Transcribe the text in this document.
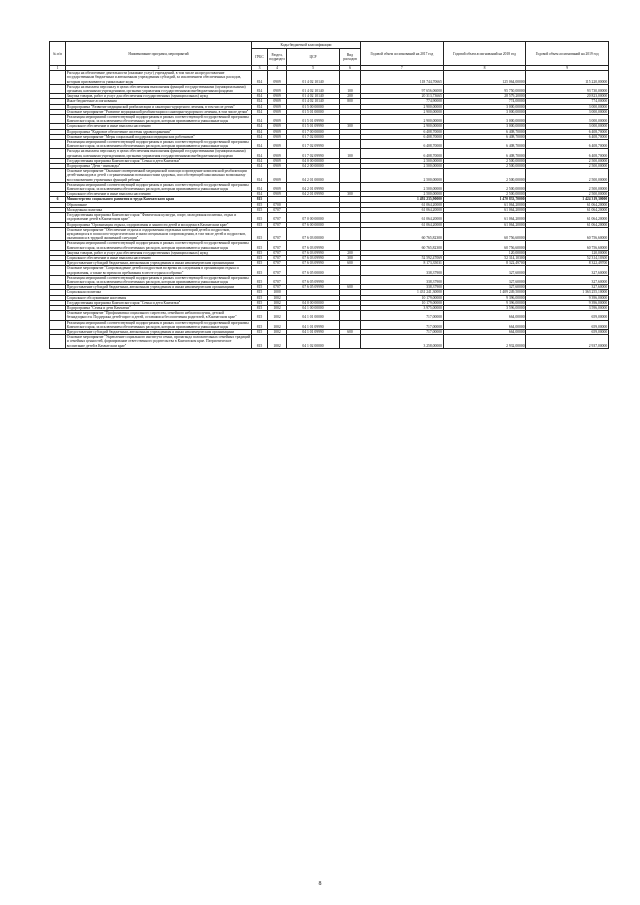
№ п/п	Наименование программ, мероприятий	Коды бюджетной классификации				Годовой объем ассигнований на 2017 год	Годовой объем ассигнований на 2018 год	Годовой объем ассигнований на 2019 год
		ГРБС	Раздел, подраздел	ЦСР	Вид расходов			
1	2	3	4	5	6	7	8	9
	Расходы на обеспечение деятельности (оказание услуг) учреждений, в том числе на предоставление государственным бюджетным и автономным учреждениям субсидий, за исключением обеспеченных расходов, которым присваиваются уникальные коды	814	0909	01 4 02 10140		118 744,70665	125 064,00000	115 220,00000
	Расходы на выплаты персоналу в целях обеспечения выполнения функций государственными (муниципальными) органами, казенными учреждениями, органами управления государственными внебюджетными фондами	814	0909	01 4 02 10140	100	97 656,06000	95 750,00000	93 730,00000
	Закупка товаров, работ и услуг для обеспечения государственных (муниципальных) нужд	814	0909	01 4 02 10140	200	20 313,73665	28 579,20000	20 823,00000
	Иные бюджетные ассигнования	814	0909	01 4 02 10140	800	774,90000	774,00000	774,00000
	Подпрограмма "Развитие медицинской реабилитации и санаторно-курортного лечения, в том числе детям"	814	0909	01 5 00 00000		2 900,00000	3 000,00000	3 000,00000
	Основное мероприятие "Развитие медицинской реабилитации и санаторно-курортного лечения, в том числе детям"	814	0909	01 5 01 00000		2 900,00000	3 000,00000	3 000,00000
	Реализация мероприятий соответствующей подпрограммы в рамках соответствующей государственной программы Камчатского края, за исключением обеспеченных расходов, которым присваиваются уникальные коды	814	0909	01 5 01 09990		2 900,00000	3 000,00000	3 000,00000
	Социальное обеспечение и иные выплаты населению	814	0909	01 5 01 09990	300	2 900,00000	3 000,00000	3 000,00000
	Подпрограмма "Кадровое обеспечение системы здравоохранения"	814	0909	01 7 00 00000		6 408,70000	6 408,70000	6 408,70000
	Основное мероприятие "Меры социальной поддержки медицинских работников"	814	0909	01 7 02 00000		6 408,70000	6 408,70000	6 408,70000
	Реализация мероприятий соответствующей подпрограммы в рамках соответствующей государственной программы Камчатского края, за исключением обеспеченных расходов, которым присваиваются уникальные коды	814	0909	01 7 02 09990		6 408,70000	6 408,70000	6 408,70000
	Расходы на выплаты персоналу в целях обеспечения выполнения функций государственными (муниципальными) органами, казенными учреждениями, органами управления государственными внебюджетными фондами	814	0909	01 7 02 09990	100	6 408,70000	6 408,70000	6 408,70000
	Государственная программа Камчатского края "Семья и дети Камчатки"	814	0909	04 0 00 00000		2 500,00000	2 500,00000	2 500,00000
	Подпрограмма "Дети - инвалиды"	814	0909	04 2 00 00000		2 500,00000	2 500,00000	2 500,00000
	Основное мероприятие "Оказание своевременной медицинской помощи и проведение комплексной реабилитации детей-инвалидов и детей с ограниченными возможностями здоровья, способствующей максимально возможному восстановлению утраченных функций ребенка"	814	0909	04 2 01 00000		2 500,00000	2 500,00000	2 500,00000
	Реализация мероприятий соответствующей подпрограммы в рамках соответствующей государственной программы Камчатского края, за исключением обеспеченных расходов, которым присваиваются уникальные коды	814	0909	04 2 01 09990		2 500,00000	2 500,00000	2 500,00000
	Социальное обеспечение и иные выплаты населению	814	0909	04 2 01 09990	300	2 500,00000	2 500,00000	2 500,00000
6	Министерство социального развития и труда Камчатского края	815				1 492 235,90000	1 470 833,70000	1 424 319,30000
	Образование	815	0700			61 064,20000	61 064,20000	61 064,20000
	Молодежная политика	815	0707			61 064,20000	61 064,20000	61 064,20000
	Государственная программа Камчатского края "Физическая культура, спорт, молодежная политика, отдых и оздоровление детей в Камчатском крае"	815	0707	07 0 00 00000		61 064,20000	61 064,20000	61 064,20000
	Подпрограмма "Организация отдыха, оздоровления и занятости детей и молодежи в Камчатском крае"	815	0707	07 6 00 00000		61 064,20000	61 064,20000	61 064,20000
	Основное мероприятие "Обеспечение отдыха и оздоровления отдельных категорий детей и подростков, нуждающихся в психолого-педагогическом и ином специальном сопровождении, в том числе детей и подростков, оказавшихся в трудной жизненной ситуации"	815	0707	07 6 03 00000		60 765,82300	60 756,60000	60 756,60000
	Реализация мероприятий соответствующей подпрограммы в рамках соответствующей государственной программы Камчатского края, за исключением обеспеченных расходов, которым присваиваются уникальные коды	815	0707	07 6 03 09990		60 765,82300	60 756,60000	60 756,60000
	Закупка товаров, работ и услуг для обеспечения государственных (муниципальных) нужд	815	0707	07 6 03 09990	200		120,00000	120,00000
	Социальное обеспечение и иные выплаты населению	815	0707	07 6 03 09990	300	52 592,47069	52 314,10300	52 314,10300
	Предоставление субсидий бюджетным, автономным учреждениям и иным некоммерческим организациям	815	0707	07 6 03 09990	600	8 173,35031	8 322,49700	8 322,49700
	Основное мероприятие "Сопровождение детей и подростков во время их следования в организации отдыха и оздоровления, а также во время их пребывания в месте отдыха и обратно"	815	0707	07 6 05 00000		338,37900	327,60000	327,60000
	Реализация мероприятий соответствующей подпрограммы в рамках соответствующей государственной программы Камчатского края, за исключением обеспеченных расходов, которым присваиваются уникальные коды	815	0707	07 6 05 09990		338,37900	327,60000	327,60000
	Предоставление субсидий бюджетным, автономным учреждениям и иным некоммерческим организациям	815	0707	07 6 05 09990	600	338,37900	327,60000	327,60000
	Социальная политика	815	1000			1 431 241,30000	1 409 249,50000	1 363 255,10000
	Социальное обслуживание населения	815	1002			10 179,00000	9 396,00000	9 396,00000
	Государственная программа Камчатского края "Семья и дети Камчатки"	815	1002	04 0 00 00000		10 179,00000	9 396,00000	9 396,00000
	Подпрограмма "Семья и дети Камчатки"	815	1002	04 1 00 00000		3 975,00000	3 596,00000	3 596,00000
	Основное мероприятие "Профилактика социального сиротства, семейного неблагополучия, детской безнадзорности. Поддержка детей-сирот и детей, оставшихся без попечения родителей, в Камчатском крае"	815	1002	04 1 01 00000		717,00000	664,00000	659,00000
	Реализация мероприятий соответствующей подпрограммы в рамках соответствующей государственной программы Камчатского края, за исключением обеспеченных расходов, которым присваиваются уникальные коды	815	1002	04 1 01 09990		717,00000	664,00000	659,00000
	Предоставление субсидий бюджетным, автономным учреждениям и иным некоммерческим организациям	815	1002	04 1 01 09990	600	717,00000	664,00000	659,00000
	Основное мероприятие "Укрепление социального института семьи, пропаганда положительных семейных традиций и семейных ценностей, формирование ответственного родительства в Камчатском крае. Патриотическое воспитание детей в Камчатском крае"	815	1002	04 1 02 00000		3 258,00000	2 932,00000	2 937,00000
8
